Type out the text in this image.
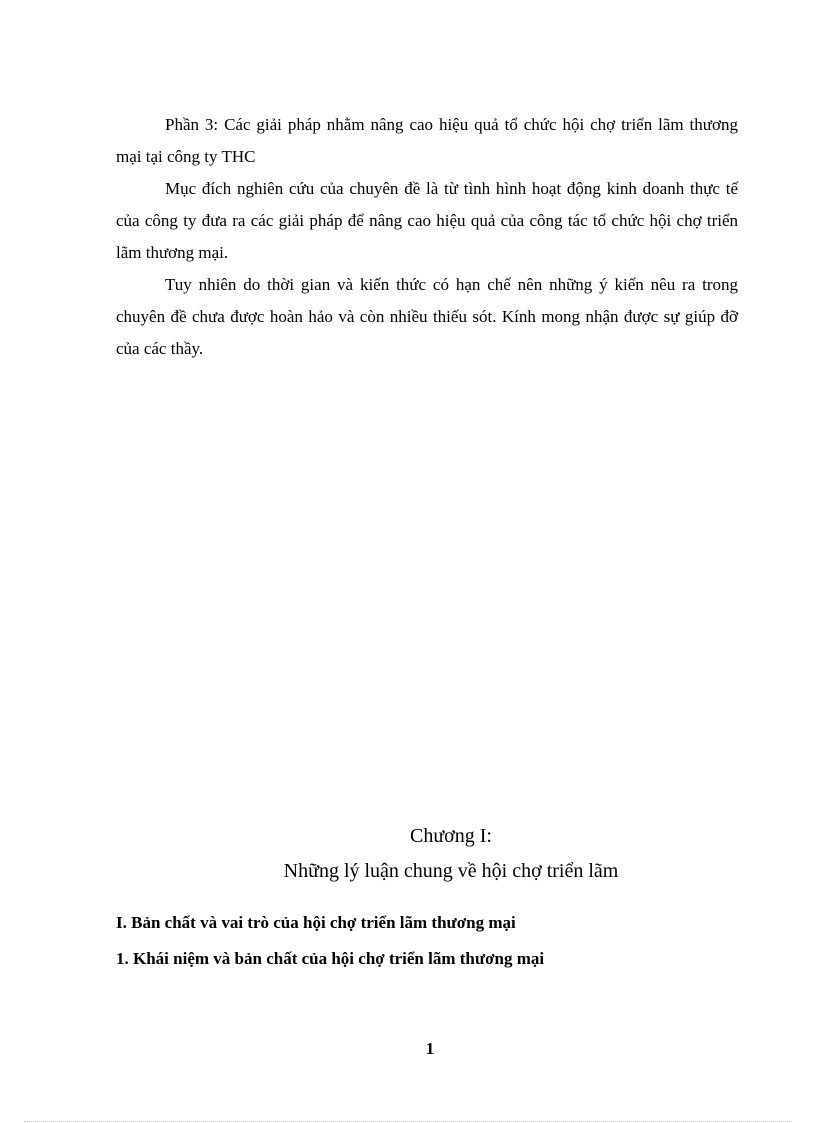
Phần 3: Các giải pháp nhằm nâng cao hiệu quả tổ chức hội chợ triển lãm thương mại tại công ty THC

Mục đích nghiên cứu của chuyên đề là từ tình hình hoạt động kinh doanh thực tế của công ty đưa ra các giải pháp để nâng cao hiệu quả của công tác tổ chức hội chợ triển lãm thương mại.

Tuy nhiên do thời gian và kiến thức có hạn chế nên những ý kiến nêu ra trong chuyên đề chưa được hoàn hảo và còn nhiều thiếu sót. Kính mong nhận được sự giúp đỡ của các thầy.

Chương I:

Những lý luận chung về hội chợ triển lãm

I. Bản chất và vai trò của hội chợ triển lãm thương mại

1. Khái niệm và bản chất của hội chợ triển lãm thương mại

1
